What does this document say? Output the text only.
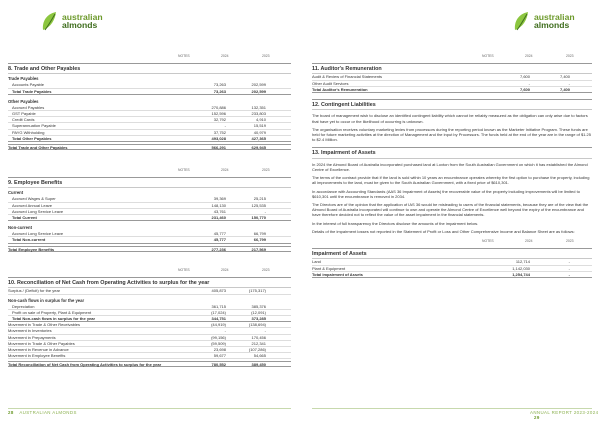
NOTES	2024	2023
8. Trade and Other Payables
Trade Payables
Accounts Payable	73,263	202,599
Total Trade Payables	73,263	202,599
Other Payables
Accrued Payables	270,886	132,351
GST Payable	152,596	233,803
Credit Cards	32,792	4,910
Superannuation Payable	-	15,519
PAYG Withholding	37,752	40,979
Total Other Payables	493,028	427,365
Total Trade and Other Payables	566,291	629,945
NOTES	2024	2023
9. Employee Benefits
Current
Accrued Wages & Super	39,369	25,215
Accrued Annual Leave	148,130	125,535
Accrued Long Service Leave	43,761	-
Total Current	231,460	150,770
Non-current
Accrued Long Service Leave	45,777	66,799
Total Non-current	45,777	66,799
Total Employee Benefits	277,236	217,569
NOTES	2024	2023
10. Reconciliation of Net Cash from Operating Activities to surplus for the year
Surplus / (Deficit) for the year	405,873	(175,317)
Non-cash flows in surplus for the year
Depreciation	361,715	385,376
Profit on sale of Property, Plant & Equipment	(17,024)	(12,091)
Total Non-cash flows in surplus for the year	344,751	373,285
Movement in Trade & Other Receivables	(44,919)	(138,694)
Movement in Inventories	-	-
Movement in Prepayments	(99,156)	170,456
Movement in Trade & Other Payables	(59,509)	212,341
Movement in Revenue in Advance	23,698	(107,286)
Movement in Employee Benefits	59,677	54,665
Total Reconciliation of Net Cash from Operating Activities to surplus for the year	780,552	389,450
28 AUSTRALIAN ALMONDS
australian
almonds
NOTES	2024	2023
11. Auditor's Remuneration
Audit & Review of Financial Statements	7,600	7,400
Other Audit Services	-	-
Total Auditor's Remuneration	7,600	7,400
12. Contingent Liabilities
The board of management wish to disclose an identified contingent liability which cannot be reliably measured as the obligation can only arise due to factors that have yet to occur or the likelihood of occurring is unknown.
The organisation receives voluntary marketing levies from processors during the reporting period known as the Marketer Initiative Program. These funds are held for future marketing activities at the direction of Management and the input by Processors. The funds held at the end of the year are in the range of $1.25 to $2.4 Million.
13. Impairment of Assets
In 2024 the Almond Board of Australia incorporated purchased land at Loxton from the South Australian Government on which it has established the Almond Centre of Excellence.
The terms of the contract provide that if the land is sold within 10 years an encumbrance operates whereby the first option to purchase the property, including all improvements to the land, must be given to the South Australian Government, with a fixed price of $610,301.
In accordance with Accounting Standards (AAS 36 Impairment of Assets) the recoverable value of the property including improvements will be limited to $610,301 until the encumbrance is removed in 2034.
The Directors are of the opinion that the application of IAS 36 would be misleading to users of the financial statements, because they are of the view that the Almond Board of Australia incorporated will continue to own and operate the Almond Centre of Excellence well beyond the expiry of the encumbrance and have therefore decided not to reflect the value of the asset impairment in the financial statements.
In the interest of full transparency the Directors disclose the amounts of the impairment below.
Details of the impairment losses not reported in the Statement of Profit or Loss and Other Comprehensive Income and Balance Sheet are as follows:
NOTES	2024	2023
Impairment of Assets
Land	112,714	-
Plant & Equipment	1,142,030	-
Total impairment of Assets	1,254,744	-
ANNUAL REPORT 2023-2024 29
australian
almonds
